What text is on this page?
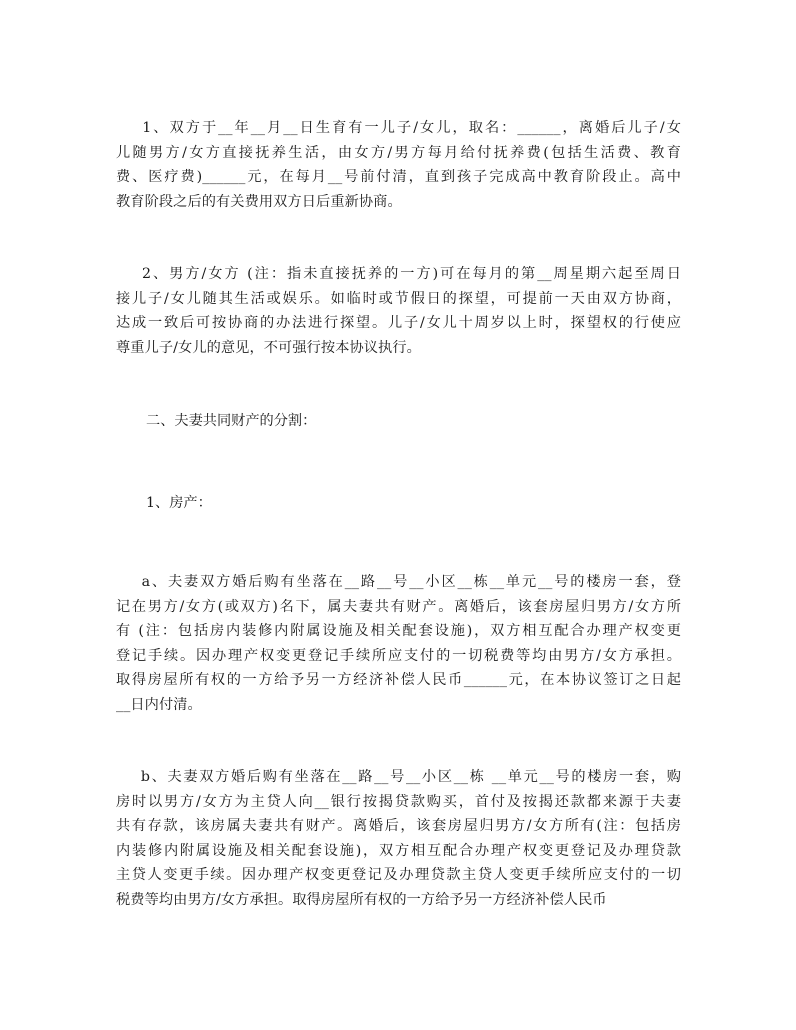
1、双方于__年__月__日生育有一儿子/女儿，取名：______，离婚后儿子/女
儿随男方/女方直接抚养生活，由女方/男方每月给付抚养费(包括生活费、教育
费、医疗费)______元，在每月__号前付清，直到孩子完成高中教育阶段止。高中
教育阶段之后的有关费用双方日后重新协商。

2、男方/女方 (注：指未直接抚养的一方)可在每月的第__周星期六起至周日
接儿子/女儿随其生活或娱乐。如临时或节假日的探望，可提前一天由双方协商，
达成一致后可按协商的办法进行探望。儿子/女儿十周岁以上时，探望权的行使应
尊重儿子/女儿的意见，不可强行按本协议执行。

二、夫妻共同财产的分割：
1、房产：

a、夫妻双方婚后购有坐落在__路__号__小区__栋__单元__号的楼房一套，登
记在男方/女方(或双方)名下，属夫妻共有财产。离婚后，该套房屋归男方/女方所
有 (注：包括房内装修内附属设施及相关配套设施)，双方相互配合办理产权变更
登记手续。因办理产权变更登记手续所应支付的一切税费等均由男方/女方承担。
取得房屋所有权的一方给予另一方经济补偿人民币______元，在本协议签订之日起
__日内付清。

b、夫妻双方婚后购有坐落在__路__号__小区__栋 __单元__号的楼房一套，购
房时以男方/女方为主贷人向__银行按揭贷款购买，首付及按揭还款都来源于夫妻
共有存款，该房属夫妻共有财产。离婚后，该套房屋归男方/女方所有(注：包括房
内装修内附属设施及相关配套设施)，双方相互配合办理产权变更登记及办理贷款
主贷人变更手续。因办理产权变更登记及办理贷款主贷人变更手续所应支付的一切
税费等均由男方/女方承担。取得房屋所有权的一方给予另一方经济补偿人民币
